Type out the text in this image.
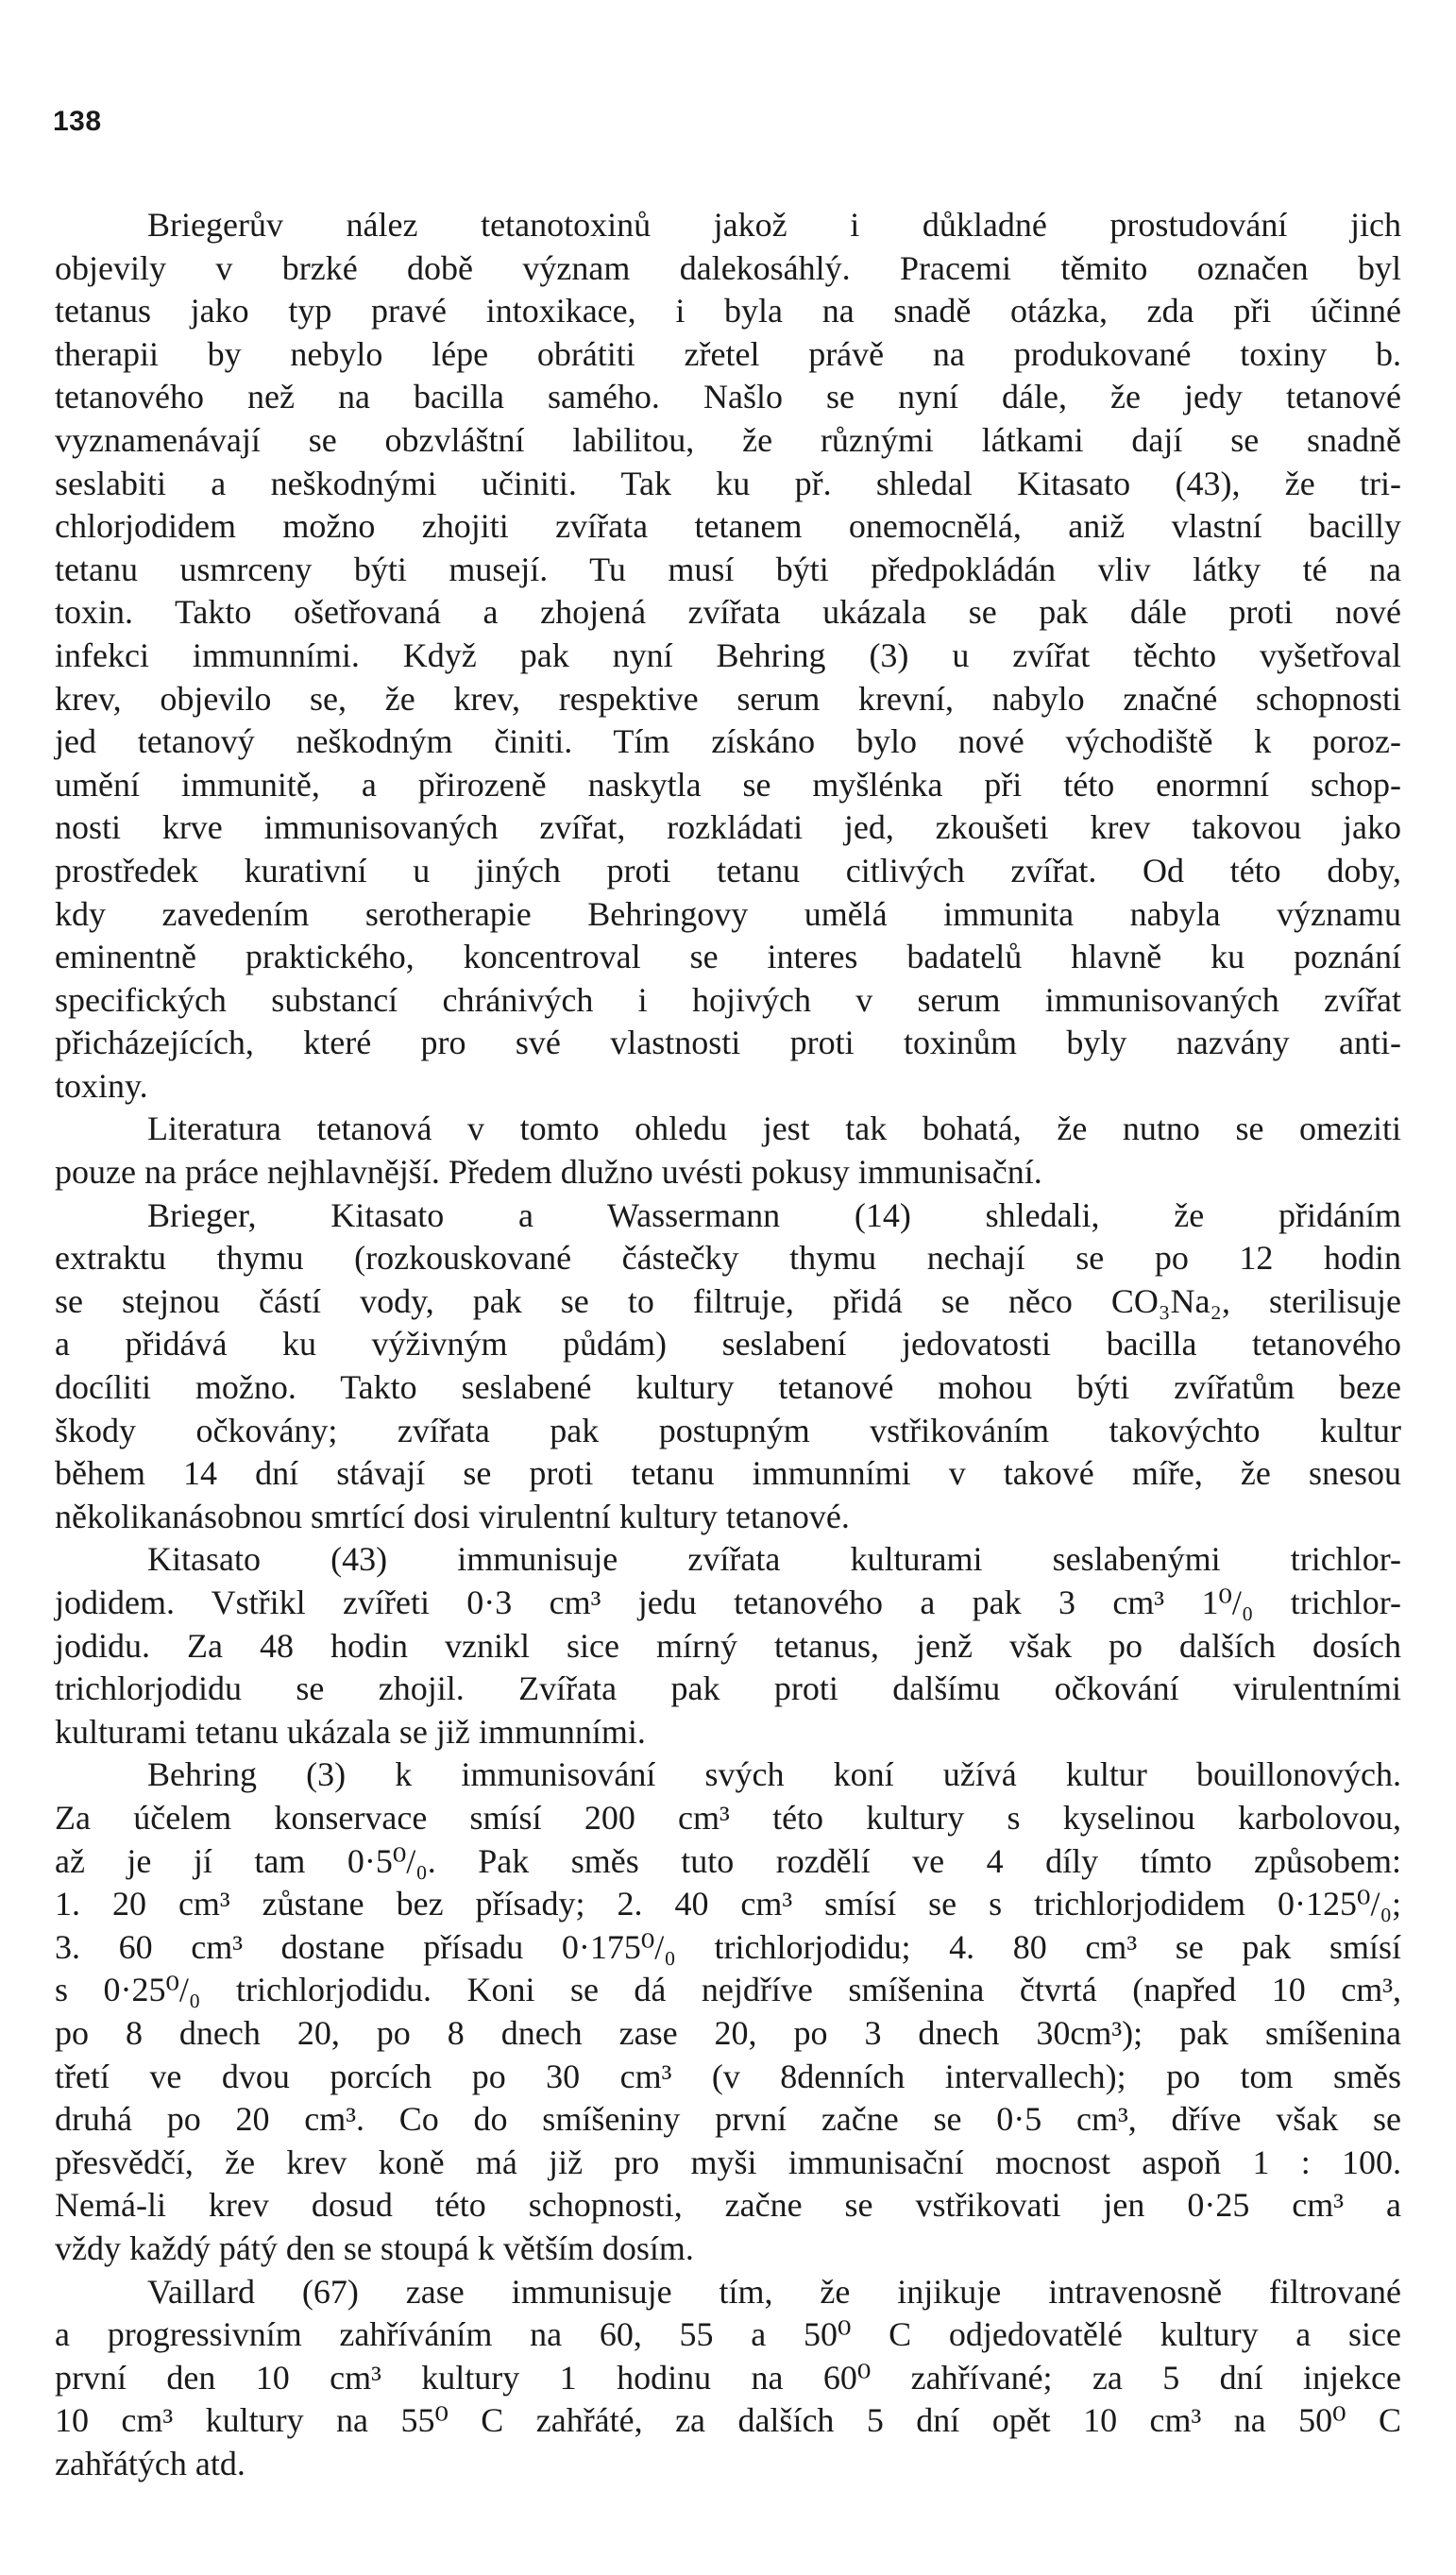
138
Briegerův nález tetanotoxinů jakož i důkladné prostudování jich
objevily v brzké době význam dalekosáhlý. Pracemi těmito označen byl
tetanus jako typ pravé intoxikace, i byla na snadě otázka, zda při účinné
therapii by nebylo lépe obrátiti zřetel právě na produkované toxiny b.
tetanového než na bacilla samého. Našlo se nyní dále, že jedy tetanové
vyznamenávají se obzvláštní labilitou, že různými látkami dají se snadně
seslabiti a neškodnými učiniti. Tak ku př. shledal Kitasato (43), že tri-
chlorjodidem možno zhojiti zvířata tetanem onemocnělá, aniž vlastní bacilly
tetanu usmrceny býti musejí. Tu musí býti předpokládán vliv látky té na
toxin. Takto ošetřovaná a zhojená zvířata ukázala se pak dále proti nové
infekci immunními. Když pak nyní Behring (3) u zvířat těchto vyšetřoval
krev, objevilo se, že krev, respektive serum krevní, nabylo značné schopnosti
jed tetanový neškodným činiti. Tím získáno bylo nové východiště k poroz-
umění immunitě, a přirozeně naskytla se myšlénka při této enormní schop-
nosti krve immunisovaných zvířat, rozkládati jed, zkoušeti krev takovou jako
prostředek kurativní u jiných proti tetanu citlivých zvířat. Od této doby,
kdy zavedením serotherapie Behringovy umělá immunita nabyla významu
eminentně praktického, koncentroval se interes badatelů hlavně ku poznání
specifických substancí chránivých i hojivých v serum immunisovaných zvířat
přicházejících, které pro své vlastnosti proti toxinům byly nazvány anti-
toxiny.
Literatura tetanová v tomto ohledu jest tak bohatá, že nutno se omeziti
pouze na práce nejhlavnější. Předem dlužno uvésti pokusy immunisační.
Brieger, Kitasato a Wassermann (14) shledali, že přidáním
extraktu thymu (rozkouskované částečky thymu nechají se po 12 hodin
se stejnou částí vody, pak se to filtruje, přidá se něco CO₃Na₂, sterilisuje
a přidává ku výživným půdám) seslabení jedovatosti bacilla tetanového
docíliti možno. Takto seslabené kultury tetanové mohou býti zvířatům beze
škody očkovány; zvířata pak postupným vstřikováním takovýchto kultur
během 14 dní stávají se proti tetanu immunními v takové míře, že snesou
několikanásobnou smrtící dosi virulentní kultury tetanové.
Kitasato (43) immunisuje zvířata kulturami seslabenými trichlor-
jodidem. Vstřikl zvířeti 0·3 cm³ jedu tetanového a pak 3 cm³ 1⁰/₀ trichlor-
jodidu. Za 48 hodin vznikl sice mírný tetanus, jenž však po dalších dosích
trichlorjodidu se zhojil. Zvířata pak proti dalšímu očkování virulentními
kulturami tetanu ukázala se již immunními.
Behring (3) k immunisování svých koní užívá kultur bouillonových.
Za účelem konservace smísí 200 cm³ této kultury s kyselinou karbolovou,
až je jí tam 0·5⁰/₀. Pak směs tuto rozdělí ve 4 díly tímto způsobem:
1. 20 cm³ zůstane bez přísady; 2. 40 cm³ smísí se s trichlorjodidem 0·125⁰/₀;
3. 60 cm³ dostane přísadu 0·175⁰/₀ trichlorjodidu; 4. 80 cm³ se pak smísí
s 0·25⁰/₀ trichlorjodidu. Koni se dá nejdříve smíšenina čtvrtá (napřed 10 cm³,
po 8 dnech 20, po 8 dnech zase 20, po 3 dnech 30cm³); pak smíšenina
třetí ve dvou porcích po 30 cm³ (v 8denních intervallech); po tom směs
druhá po 20 cm³. Co do smíšeniny první začne se 0·5 cm³, dříve však se
přesvědčí, že krev koně má již pro myši immunisační mocnost aspoň 1 : 100.
Nemá-li krev dosud této schopnosti, začne se vstřikovati jen 0·25 cm³ a
vždy každý pátý den se stoupá k větším dosím.
Vaillard (67) zase immunisuje tím, že injikuje intravenosně filtrované
a progressivním zahříváním na 60, 55 a 50⁰ C odjedovatělé kultury a sice
první den 10 cm³ kultury 1 hodinu na 60⁰ zahřívané; za 5 dní injekce
10 cm³ kultury na 55⁰ C zahřáté, za dalších 5 dní opět 10 cm³ na 50⁰ C
zahřátých atd.
